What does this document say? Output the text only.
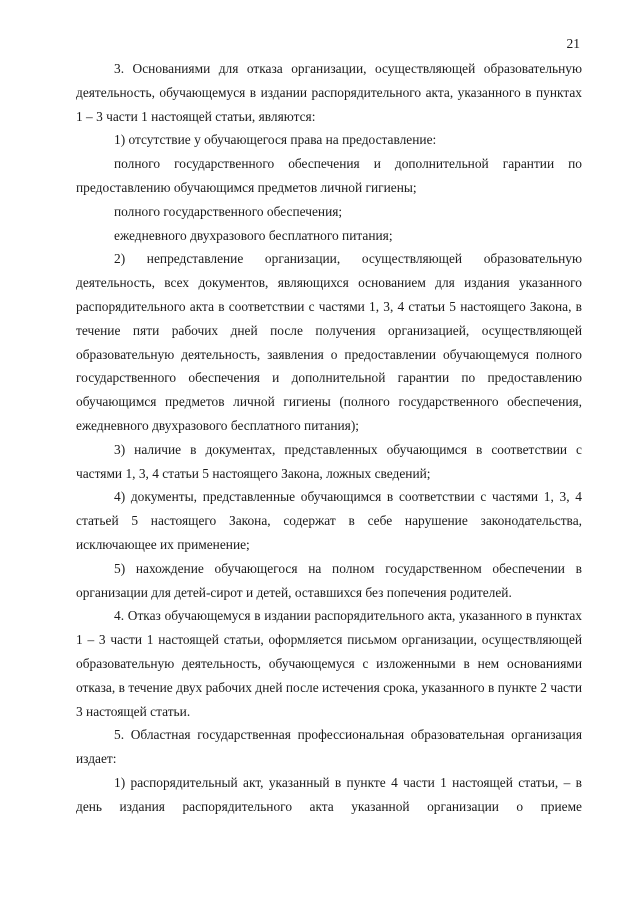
21

3. Основаниями для отказа организации, осуществляющей образовательную деятельность, обучающемуся в издании распорядительного акта, указанного в пунктах 1 – 3 части 1 настоящей статьи, являются:

1) отсутствие у обучающегося права на предоставление:

полного государственного обеспечения и дополнительной гарантии по предоставлению обучающимся предметов личной гигиены;

полного государственного обеспечения;

ежедневного двухразового бесплатного питания;

2) непредставление организации, осуществляющей образовательную деятельность, всех документов, являющихся основанием для издания указанного распорядительного акта в соответствии с частями 1, 3, 4 статьи 5 настоящего Закона, в течение пяти рабочих дней после получения организацией, осуществляющей образовательную деятельность, заявления о предоставлении обучающемуся полного государственного обеспечения и дополнительной гарантии по предоставлению обучающимся предметов личной гигиены (полного государственного обеспечения, ежедневного двухразового бесплатного питания);

3) наличие в документах, представленных обучающимся в соответствии с частями 1, 3, 4 статьи 5 настоящего Закона, ложных сведений;

4) документы, представленные обучающимся в соответствии с частями 1, 3, 4 статьей 5 настоящего Закона, содержат в себе нарушение законодательства, исключающее их применение;

5) нахождение обучающегося на полном государственном обеспечении в организации для детей-сирот и детей, оставшихся без попечения родителей.

4. Отказ обучающемуся в издании распорядительного акта, указанного в пунктах 1 – 3 части 1 настоящей статьи, оформляется письмом организации, осуществляющей образовательную деятельность, обучающемуся с изложенными в нем основаниями отказа, в течение двух рабочих дней после истечения срока, указанного в пункте 2 части 3 настоящей статьи.

5. Областная государственная профессиональная образовательная организация издает:

1) распорядительный акт, указанный в пункте 4 части 1 настоящей статьи, – в день издания распорядительного акта указанной организации о приеме
